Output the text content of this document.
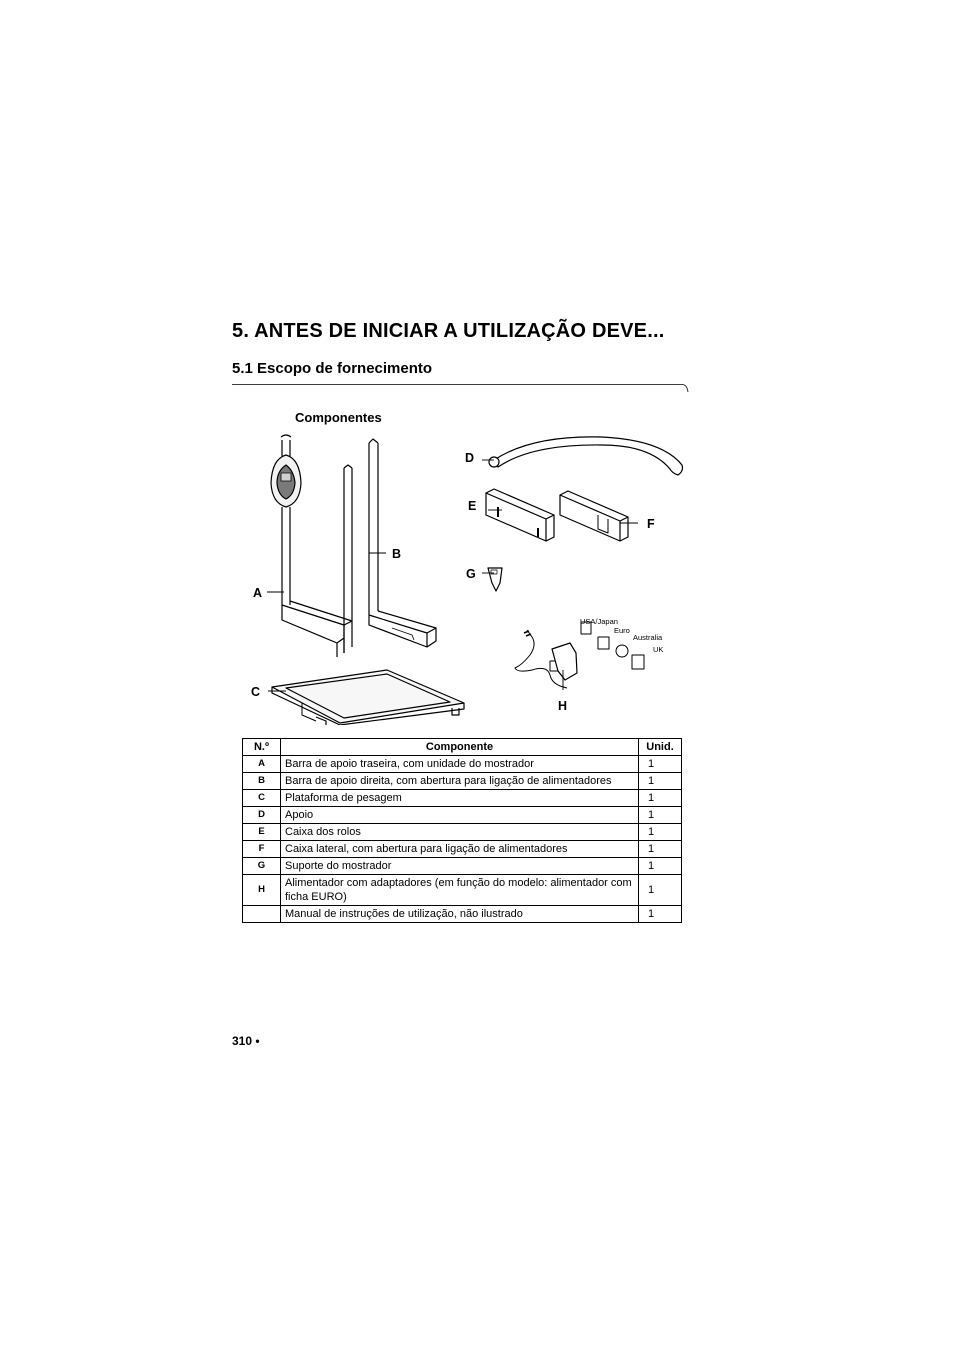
5. ANTES DE INICIAR A UTILIZAÇÃO DEVE...
5.1 Escopo de fornecimento
Componentes
A
B
C
D
E
F
G
H
USA/Japan
Euro
Australia
UK
N.º	Componente	Unid.
A	Barra de apoio traseira, com unidade do mostrador	1
B	Barra de apoio direita, com abertura para ligação de alimentadores	1
C	Plataforma de pesagem	1
D	Apoio	1
E	Caixa dos rolos	1
F	Caixa lateral, com abertura para ligação de alimentadores	1
G	Suporte do mostrador	1
H	Alimentador com adaptadores (em função do modelo: alimentador com ficha EURO)	1
	Manual de instruções de utilização, não ilustrado	1
310 •
